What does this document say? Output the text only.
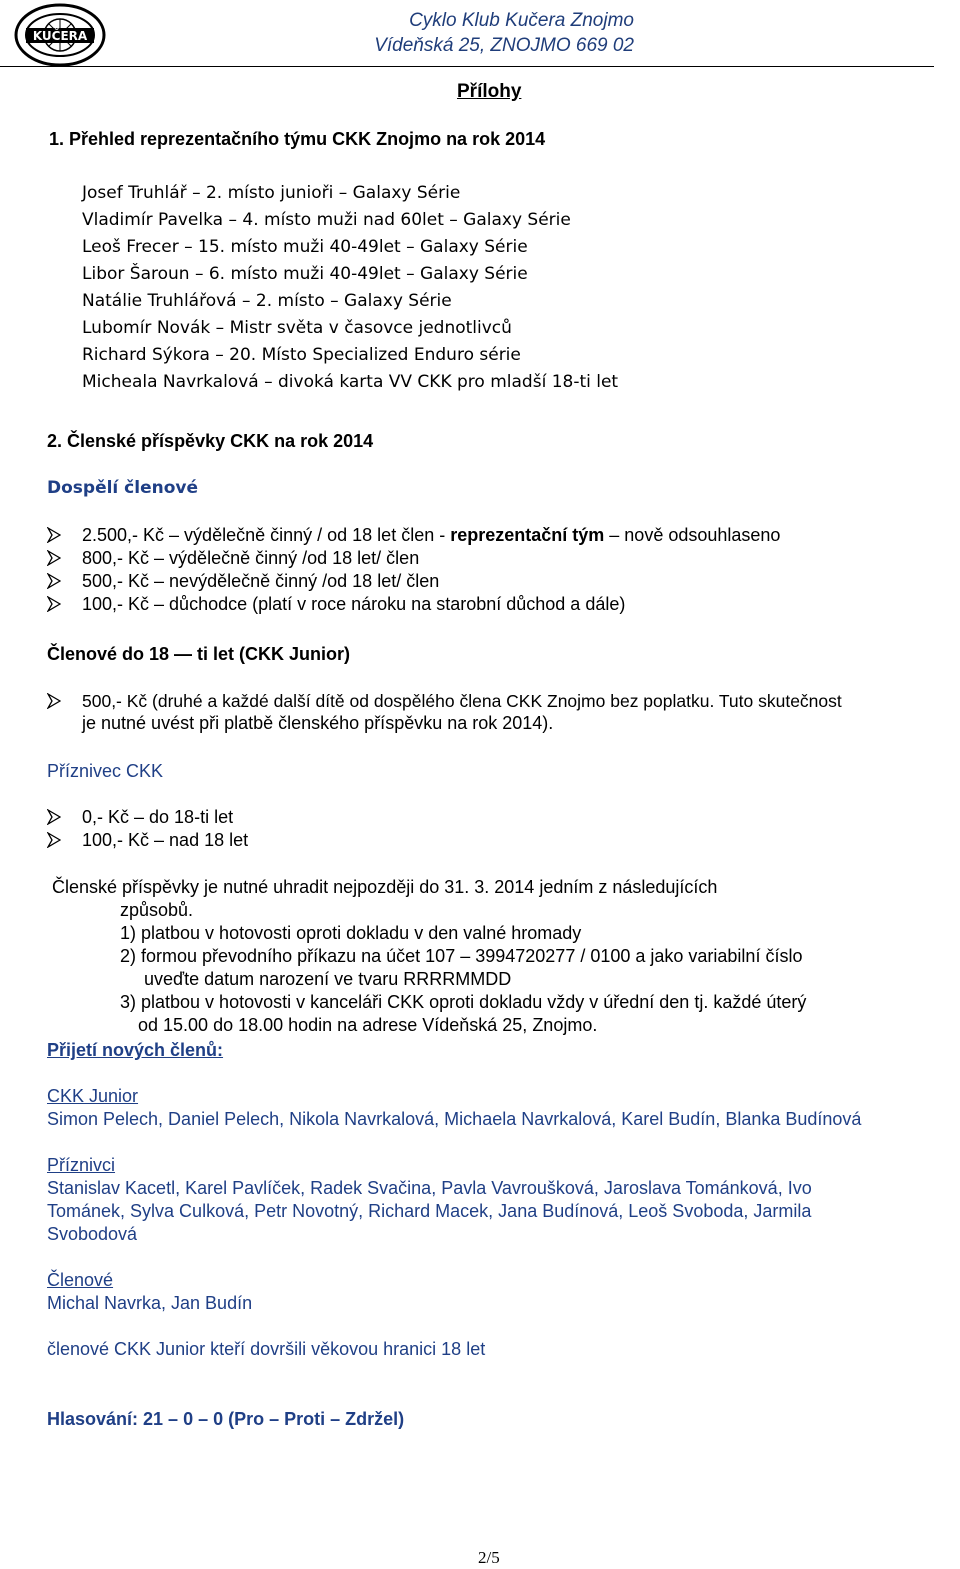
KUČERA
Cyklo Klub Kučera Znojmo
Vídeňská 25, ZNOJMO 669 02
Přílohy
1. Přehled reprezentačního týmu CKK Znojmo na rok 2014
Josef Truhlář – 2. místo junioři – Galaxy Série
Vladimír Pavelka – 4. místo muži nad 60let – Galaxy Série
Leoš Frecer – 15. místo muži 40-49let – Galaxy Série
Libor Šaroun – 6. místo muži 40-49let – Galaxy Série
Natálie Truhlářová – 2. místo – Galaxy Série
Lubomír Novák – Mistr světa v časovce jednotlivců
Richard Sýkora – 20. Místo Specialized Enduro série
Micheala Navrkalová – divoká karta VV CKK pro mladší 18-ti let
2. Členské příspěvky CKK na rok 2014
Dospělí členové
2.500,- Kč – výdělečně činný / od 18 let člen - reprezentační tým – nově odsouhlaseno
800,- Kč – výdělečně činný /od 18 let/ člen
500,- Kč – nevýdělečně činný /od 18 let/ člen
100,- Kč – důchodce (platí v roce nároku na starobní důchod a dále)
Členové do 18 — ti let (CKK Junior)
500,- Kč (druhé a každé další dítě od dospělého člena CKK Znojmo bez poplatku. Tuto skutečnost
je nutné uvést při platbě členského příspěvku na rok 2014).
Příznivec CKK
0,- Kč – do 18-ti let
100,- Kč – nad 18 let
Členské příspěvky je nutné uhradit nejpozději do 31. 3. 2014 jedním z následujících
způsobů.
1) platbou v hotovosti oproti dokladu v den valné hromady
2) formou převodního příkazu na účet 107 – 3994720277 / 0100 a jako variabilní číslo
uveďte datum narození ve tvaru RRRRMMDD
3) platbou v hotovosti v kanceláři CKK oproti dokladu vždy v úřední den tj. každé úterý
od 15.00 do 18.00 hodin na adrese Vídeňská 25, Znojmo.
Přijetí nových členů:
CKK Junior
Simon Pelech, Daniel Pelech, Nikola Navrkalová, Michaela Navrkalová, Karel Budín, Blanka Budínová
Příznivci
Stanislav Kacetl, Karel Pavlíček, Radek Svačina, Pavla Vavroušková, Jaroslava Tománková, Ivo
Tománek, Sylva Culková, Petr Novotný, Richard Macek, Jana Budínová, Leoš Svoboda, Jarmila
Svobodová
Členové
Michal Navrka, Jan Budín
členové CKK Junior kteří dovršili věkovou hranici 18 let
Hlasování: 21 – 0 – 0 (Pro – Proti – Zdržel)
2/5
